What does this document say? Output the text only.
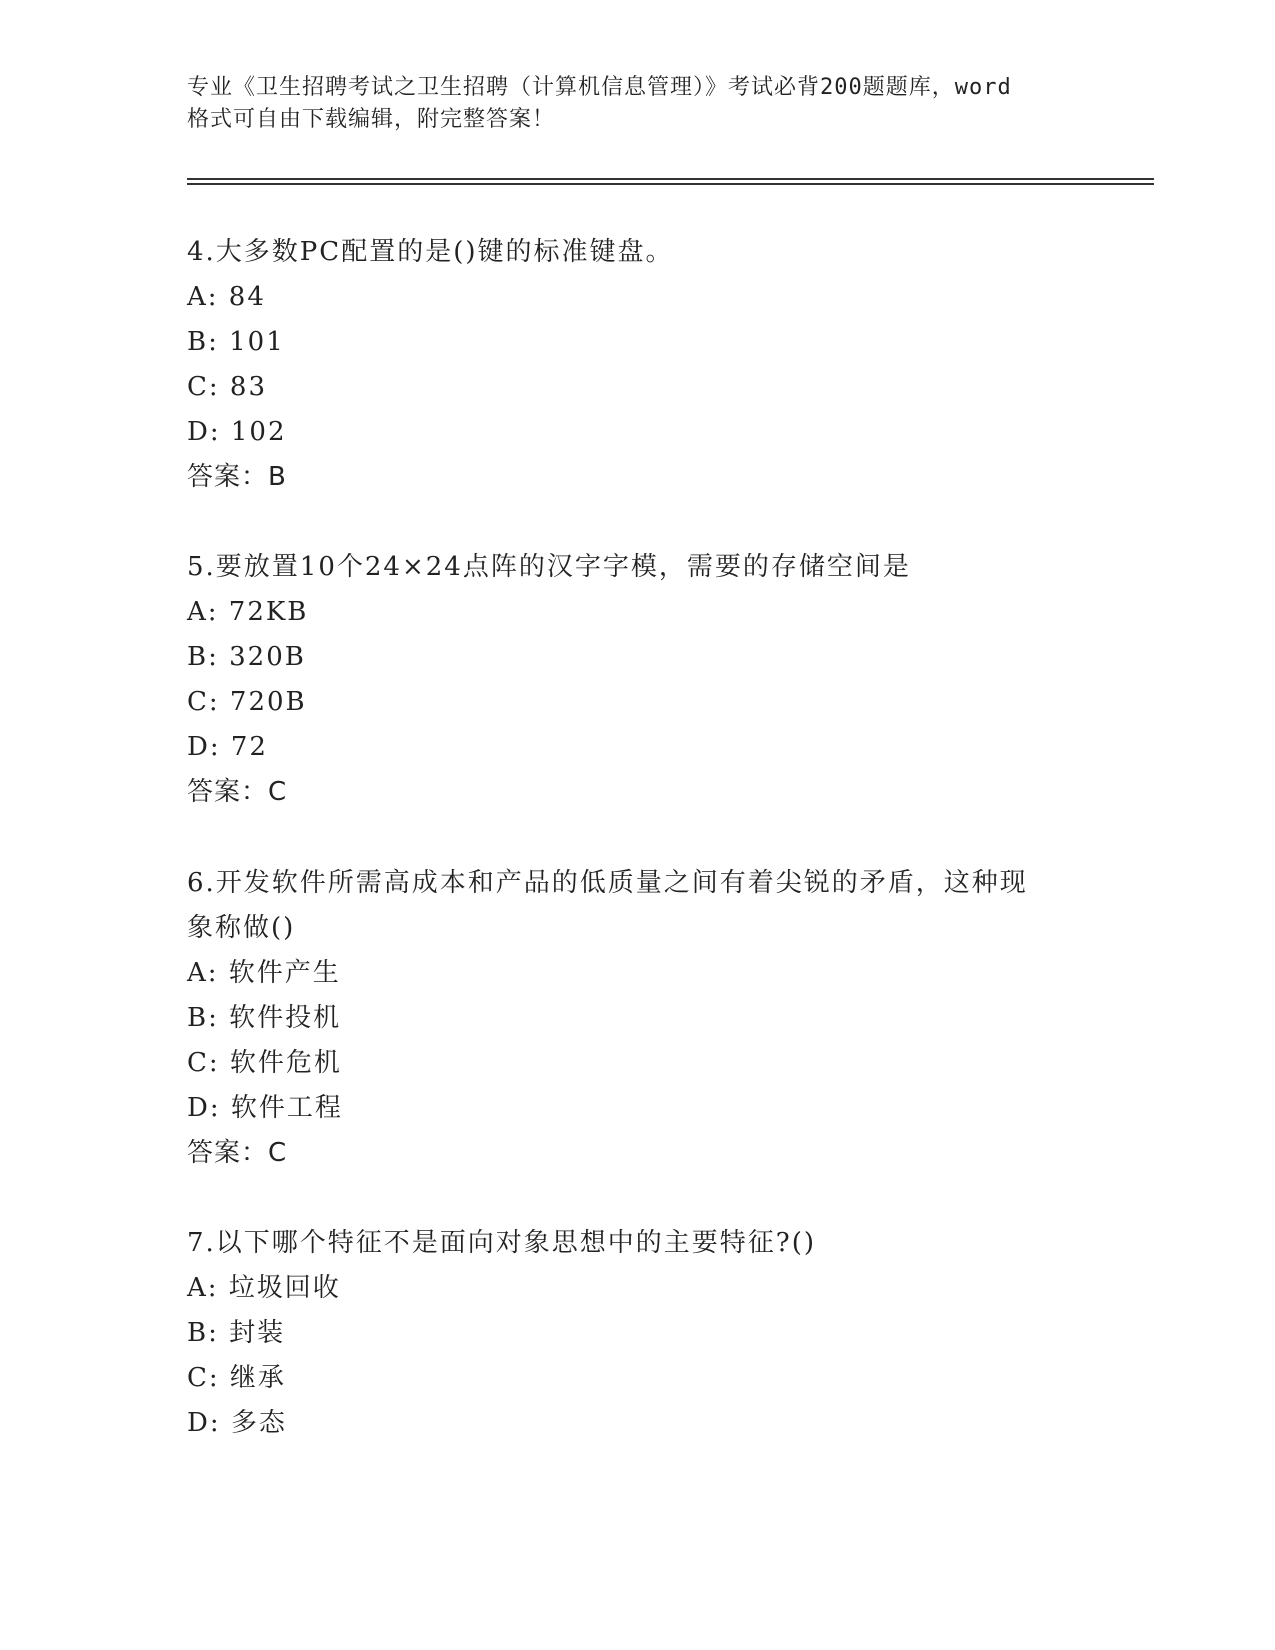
专业《卫生招聘考试之卫生招聘（计算机信息管理）》考试必背200题题库，word
格式可自由下载编辑，附完整答案！
4.大多数PC配置的是()键的标准键盘。
A: 84
B: 101
C: 83
D: 102
答案：B
5.要放置10个24×24点阵的汉字字模，需要的存储空间是
A: 72KB
B: 320B
C: 720B
D: 72
答案：C
6.开发软件所需高成本和产品的低质量之间有着尖锐的矛盾，这种现
象称做()
A: 软件产生
B: 软件投机
C: 软件危机
D: 软件工程
答案：C
7.以下哪个特征不是面向对象思想中的主要特征?()
A: 垃圾回收
B: 封装
C: 继承
D: 多态
